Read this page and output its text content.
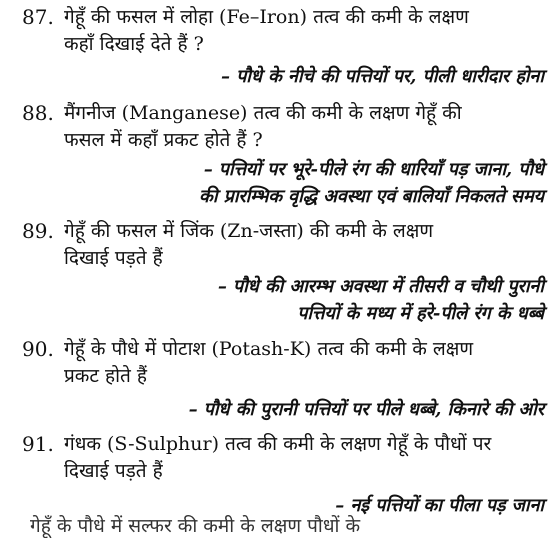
87. गेहूँ की फसल में लोहा (Fe–Iron) तत्व की कमी के लक्षण
कहाँ दिखाई देते हैं ?
– पौधे के नीचे की पत्तियों पर, पीली धारीदार होना
88. मैंगनीज (Manganese) तत्व की कमी के लक्षण गेहूँ की
फसल में कहाँ प्रकट होते हैं ?
– पत्तियों पर भूरे-पीले रंग की धारियाँ पड़ जाना, पौधे
की प्रारम्भिक वृद्धि अवस्था एवं बालियाँ निकलते समय
89. गेहूँ की फसल में जिंक (Zn-जस्ता) की कमी के लक्षण
दिखाई पड़ते हैं
– पौधे की आरम्भ अवस्था में तीसरी व चौथी पुरानी
पत्तियों के मध्य में हरे-पीले रंग के धब्बे
90. गेहूँ के पौधे में पोटाश (Potash-K) तत्व की कमी के लक्षण
प्रकट होते हैं
– पौधे की पुरानी पत्तियों पर पीले धब्बे, किनारे की ओर
91. गंधक (S-Sulphur) तत्व की कमी के लक्षण गेहूँ के पौधों पर
दिखाई पड़ते हैं
– नई पत्तियों का पीला पड़ जाना
गेहूँ के पौधे में सल्फर की कमी के लक्षण पौधों के
